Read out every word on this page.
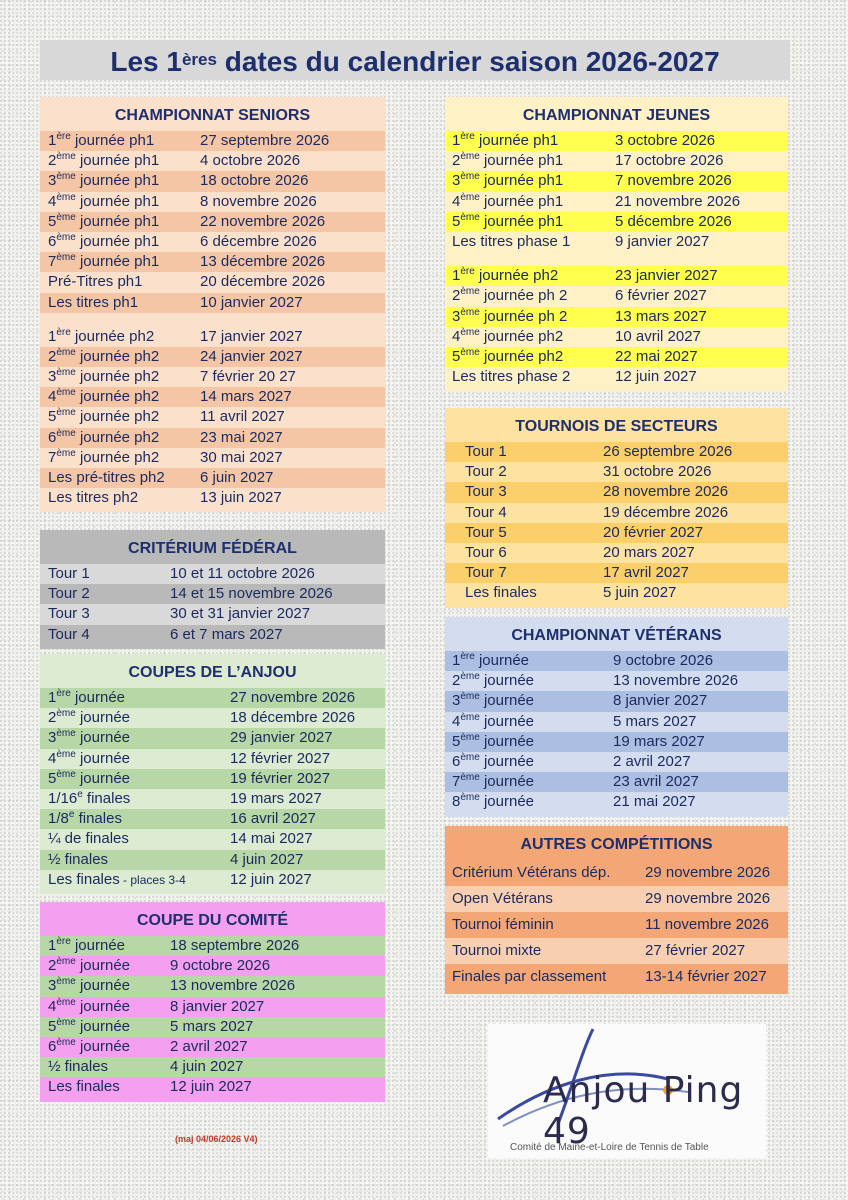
Les 1ères dates du calendrier saison 2026-2027
CHAMPIONNAT SENIORS
1ère journée ph1	27 septembre 2026
2ème journée ph1	4 octobre 2026
3ème journée ph1	18 octobre 2026
4ème journée ph1	8 novembre 2026
5ème journée ph1	22 novembre 2026
6ème journée ph1	6 décembre 2026
7ème journée ph1	13 décembre 2026
Pré-Titres ph1	20 décembre 2026
Les titres ph1	10 janvier 2027
1ère journée ph2	17 janvier 2027
2ème journée ph2	24 janvier 2027
3ème journée ph2	7 février 20 27
4ème journée ph2	14 mars 2027
5ème journée ph2	11 avril 2027
6ème journée ph2	23 mai 2027
7ème journée ph2	30 mai 2027
Les pré-titres ph2 6 juin 2027
Les titres ph2	13 juin 2027
CRITÉRIUM FÉDÉRAL
Tour 1	10 et 11 octobre 2026
Tour 2	14 et 15 novembre 2026
Tour 3	30 et 31 janvier 2027
Tour 4	6 et 7 mars 2027
COUPES DE L’ANJOU
1ère journée	27 novembre 2026
2ème journée	18 décembre 2026
3ème journée	29 janvier 2027
4ème journée	12 février 2027
5ème journée	19 février 2027
1/16e finales	19 mars 2027
1/8e finales	16 avril 2027
¼ de finales	14 mai 2027
½ finales	4 juin 2027
Les finales - places 3-4	12 juin 2027
COUPE DU COMITÉ
1ère journée	18 septembre 2026
2ème journée	9 octobre 2026
3ème journée	13 novembre 2026
4ème journée	8 janvier 2027
5ème journée	5 mars 2027
6ème journée	2 avril 2027
½ finales	4 juin 2027
Les finales	12 juin 2027
CHAMPIONNAT JEUNES
1ère journée ph1	3 octobre 2026
2ème journée ph1	17 octobre 2026
3ème journée ph1	7 novembre 2026
4ème journée ph1	21 novembre 2026
5ème journée ph1	5 décembre 2026
Les titres phase 1	9 janvier 2027
1ère journée ph2	23 janvier 2027
2ème journée ph 2	6 février 2027
3ème journée ph 2	13 mars 2027
4ème journée ph2	10 avril 2027
5ème journée ph2	22 mai 2027
Les titres phase 2	12 juin 2027
TOURNOIS DE SECTEURS
Tour 1	26 septembre 2026
Tour 2	31 octobre 2026
Tour 3	28 novembre 2026
Tour 4	19 décembre 2026
Tour 5	20 février 2027
Tour 6	20 mars 2027
Tour 7	17 avril 2027
Les finales	5 juin 2027
CHAMPIONNAT VÉTÉRANS
1ère journée	9 octobre 2026
2ème journée	13 novembre 2026
3ème journée	8 janvier 2027
4ème journée	5 mars 2027
5ème journée	19 mars 2027
6ème journée	2 avril 2027
7ème journée	23 avril 2027
8ème journée	21 mai 2027
AUTRES COMPÉTITIONS
Critérium Vétérans dép. 29 novembre 2026
Open Vétérans	29 novembre 2026
Tournoi féminin	11 novembre 2026
Tournoi mixte	27 février 2027
Finales par classement	13-14 février 2027
(maj 04/06/2026 V4)
Anjou Ping 49
Comité de Maine-et-Loire de Tennis de Table
